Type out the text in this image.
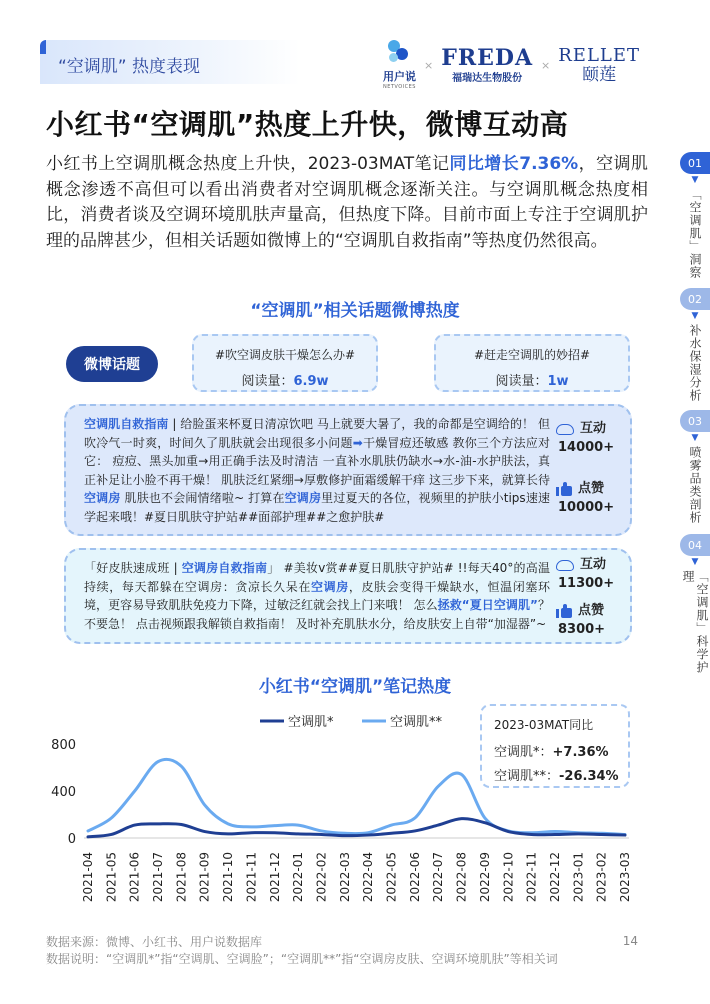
“空调肌” 热度表现	用户说
NETVOICES
× FREDA
福瑞达生物股份
× RELLET
颐莲
小红书“空调肌”热度上升快，微博互动高
小红书上空调肌概念热度上升快，2023-03MAT笔记同比增长7.36%，空调肌概念渗透不高但可以看出消费者对空调肌概念逐渐关注。与空调肌概念热度相比，消费者谈及空调环境肌肤声量高，但热度下降。目前市面上专注于空调肌护理的品牌甚少，但相关话题如微博上的“空调肌自救指南”等热度仍然很高。
01
▼
「空调肌」洞察
02
▼
补水保湿分析
03
▼
喷雾品类剖析
04
▼
「空调肌」科学护理
“空调肌”相关话题微博热度
微博话题
#吹空调皮肤干燥怎么办#
阅读量：6.9w
#赶走空调肌的妙招#
阅读量：1w
空调肌自救指南 | 给脸蛋来杯夏日清凉饮吧 马上就要大暑了，我的命都是空调给的！ 但吹冷气一时爽，时间久了肌肤就会出现很多小问题➡干燥冒痘还敏感 教你三个方法应对它： 痘痘、黑头加重→用正确手法及时清洁 一直补水肌肤仍缺水→水-油-水护肤法，真正补足让小脸不再干燥！ 肌肤泛红紧绷→厚敷修护面霜缓解干痒 这三步下来，就算长待空调房 肌肤也不会闹情绪啦~ 打算在空调房里过夏天的各位，视频里的护肤小tips速速学起来哦！#夏日肌肤守护站##面部护理##之愈护肤#
互动
14000+
点赞
10000+
「好皮肤速成班 | 空调房自救指南」 #美妆v赏##夏日肌肤守护站# !!每天40°的高温持续，每天都躲在空调房：贪凉长久呆在空调房，皮肤会变得干燥缺水，恒温闭塞环境，更容易导致肌肤免疫力下降，过敏泛红就会找上门来哦！ 怎么拯救“夏日空调肌”？ 不要急！ 点击视频跟我解锁自救指南！ 及时补充肌肤水分，给皮肤安上自带“加湿器”~
互动
11300+
点赞
8300+
小红书“空调肌”笔记热度
0
400
800
2021-04 2021-05 2021-06 2021-07 2021-08 2021-09 2021-10 2021-11 2021-12 2022-01 2022-02 2022-03 2022-04 2022-05 2022-06 2022-07 2022-08 2022-09 2022-10 2022-11 2022-12 2023-01 2023-02 2023-03
空调肌*	空调肌**	2023-03MAT同比
空调肌*：+7.36%
空调肌**：-26.34%
数据来源：微博、小红书、用户说数据库
数据说明：“空调肌*”指“空调肌、空调脸”；“空调肌**”指“空调房皮肤、空调环境肌肤”等相关词
14
